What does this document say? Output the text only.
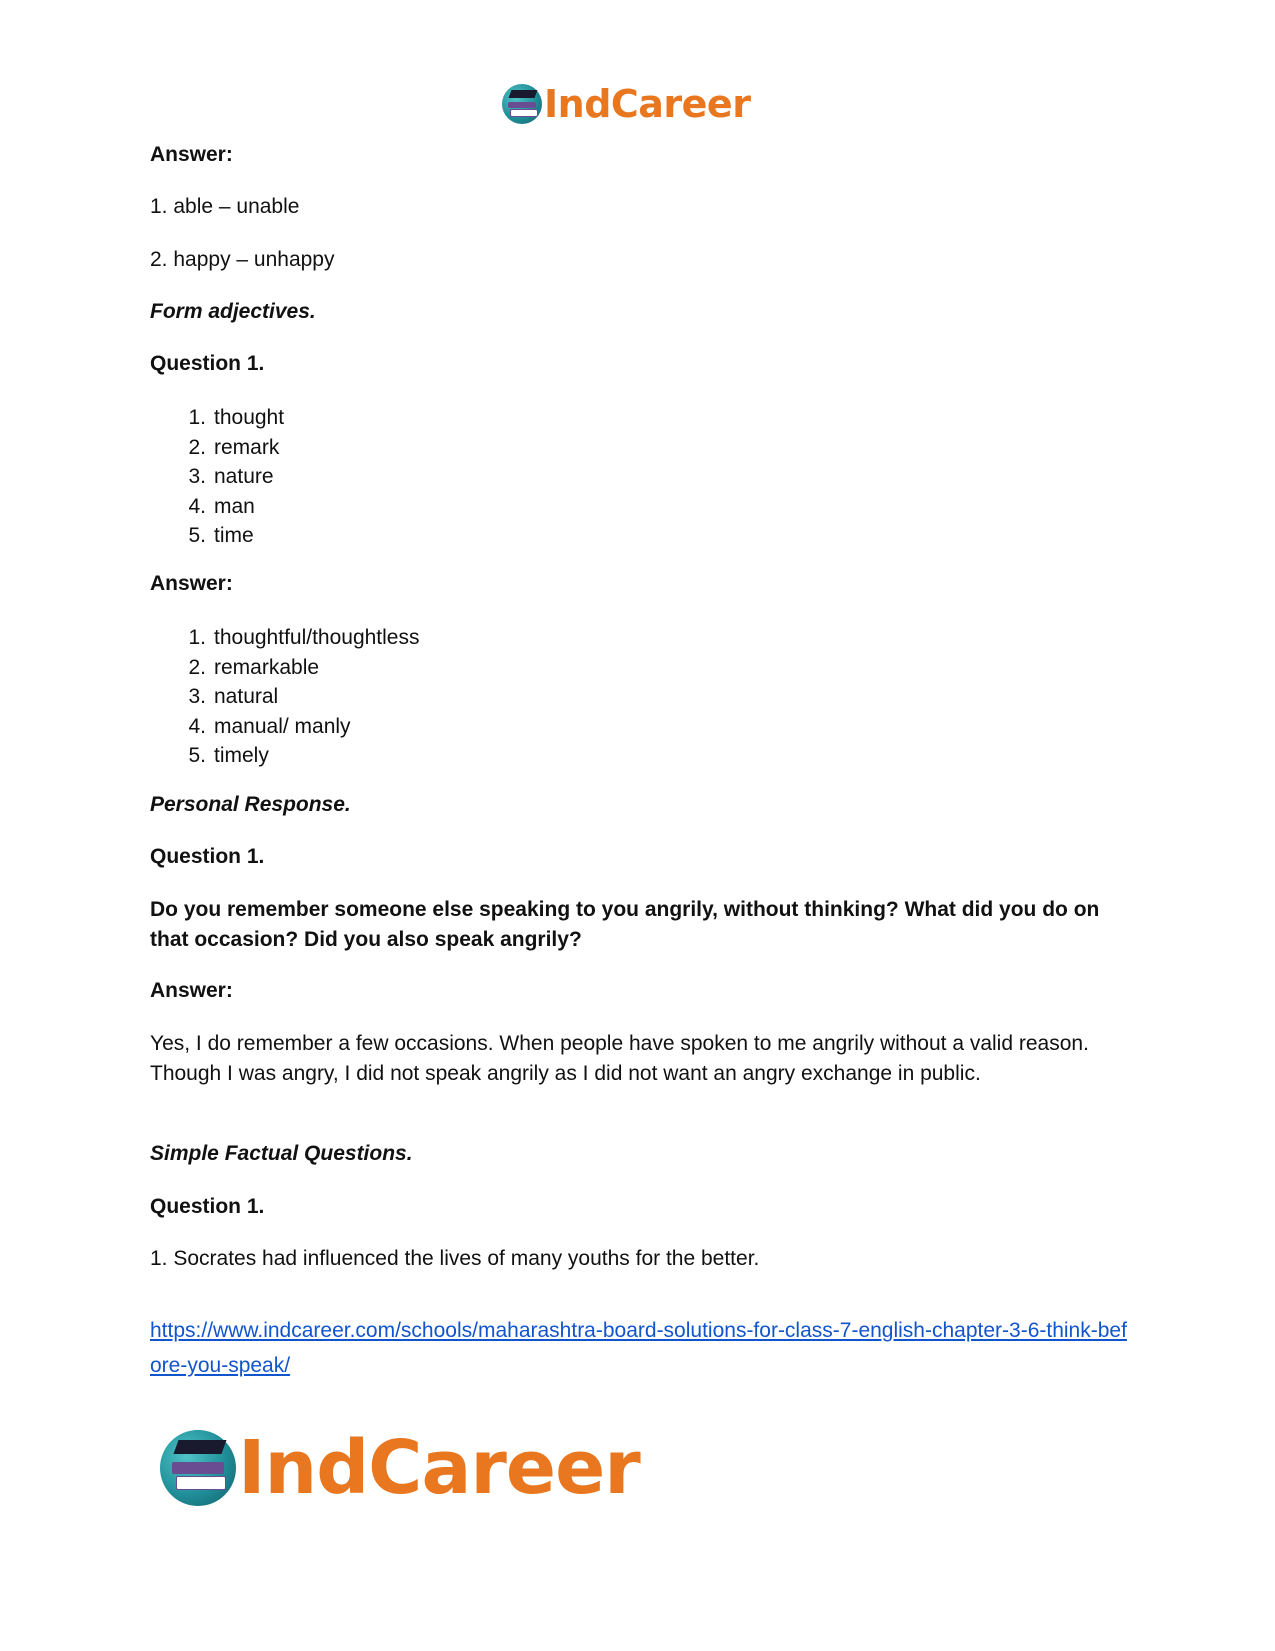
IndCareer
Answer:
1. able – unable
2. happy – unhappy
Form adjectives.
Question 1.
1. thought
2. remark
3. nature
4. man
5. time
Answer:
1. thoughtful/thoughtless
2. remarkable
3. natural
4. manual/ manly
5. timely
Personal Response.
Question 1.
Do you remember someone else speaking to you angrily, without thinking? What did you do on that occasion? Did you also speak angrily?
Answer:
Yes, I do remember a few occasions. When people have spoken to me angrily without a valid reason. Though I was angry, I did not speak angrily as I did not want an angry exchange in public.
Simple Factual Questions.
Question 1.
1. Socrates had influenced the lives of many youths for the better.
https://www.indcareer.com/schools/maharashtra-board-solutions-for-class-7-english-chapter-3-6-think-before-you-speak/
IndCareer
